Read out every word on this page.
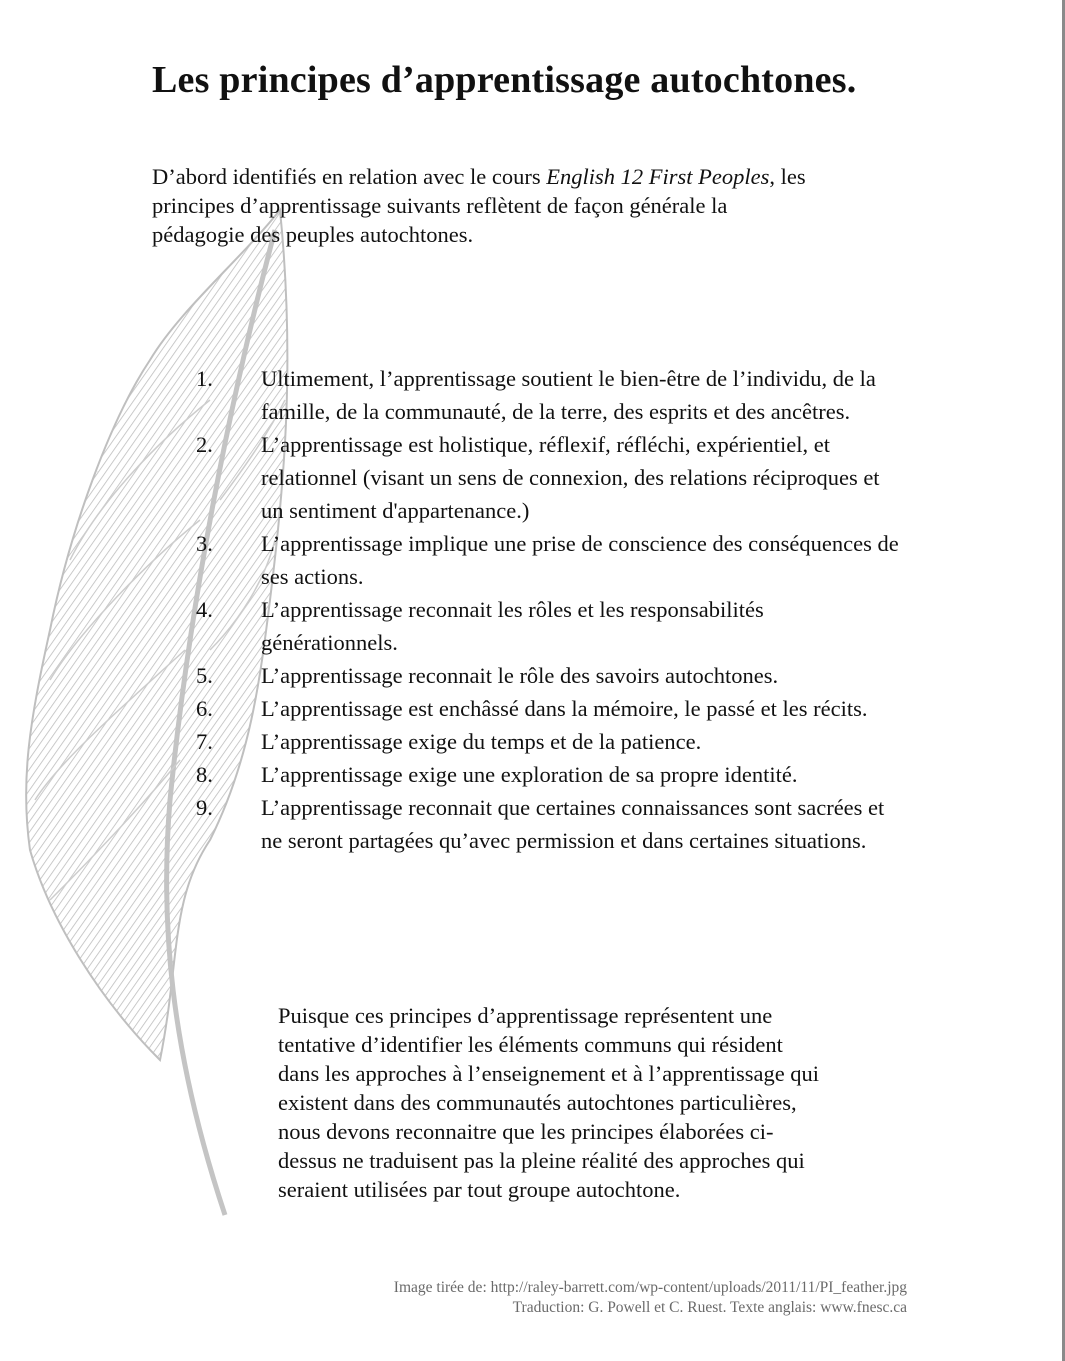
Les principes d’apprentissage autochtones.
D’abord identifiés en relation avec le cours English 12 First Peoples, les
principes d’apprentissage suivants reflètent de façon générale la
pédagogie des peuples autochtones.
1.	Ultimement, l’apprentissage soutient le bien-être de l’individu, de la
famille, de la communauté, de la terre, des esprits et des ancêtres.
2.	L’apprentissage est holistique, réflexif, réfléchi, expérientiel, et
relationnel (visant un sens de connexion, des relations réciproques et
un sentiment d'appartenance.)
3.	L’apprentissage implique une prise de conscience des conséquences de
ses actions.
4.	L’apprentissage reconnait les rôles et les responsabilités
générationnels.
5.	L’apprentissage reconnait le rôle des savoirs autochtones.
6.	L’apprentissage est enchâssé dans la mémoire, le passé et les récits.
7.	L’apprentissage exige du temps et de la patience.
8.	L’apprentissage exige une exploration de sa propre identité.
9.	L’apprentissage reconnait que certaines connaissances sont sacrées et
ne seront partagées qu’avec permission et dans certaines situations.
Puisque ces principes d’apprentissage représentent une
tentative d’identifier les éléments communs qui résident
dans les approches à l’enseignement et à l’apprentissage qui
existent dans des communautés autochtones particulières,
nous devons reconnaitre que les principes élaborées ci-
dessus ne traduisent pas la pleine réalité des approches qui
seraient utilisées par tout groupe autochtone.
Image tirée de: http://raley-barrett.com/wp-content/uploads/2011/11/PI_feather.jpg
Traduction: G. Powell et C. Ruest. Texte anglais: www.fnesc.ca
